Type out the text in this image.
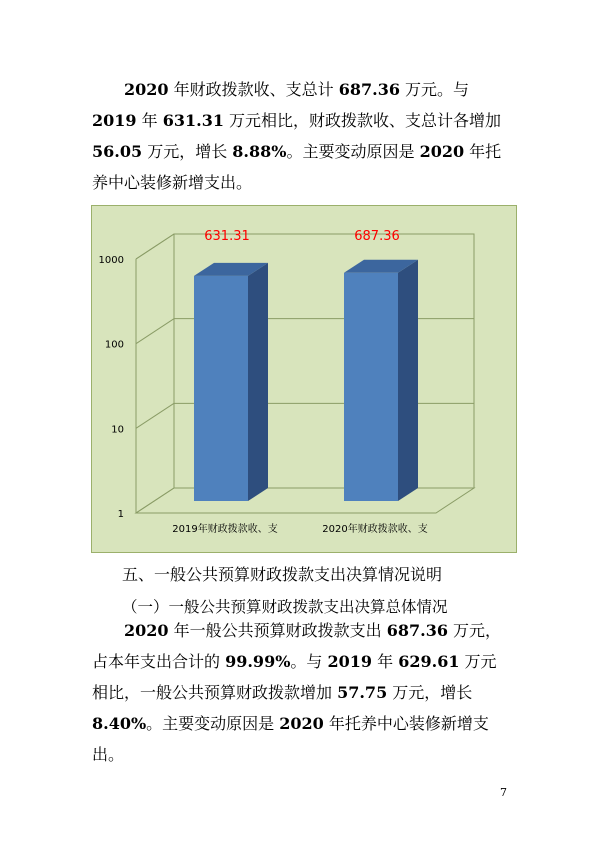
2020 年财政拨款收、支总计 687.36 万元。与 2019 年 631.31 万元相比，财政拨款收、支总计各增加 56.05 万元，增长 8.88%。主要变动原因是 2020 年托养中心装修新增支出。

1
10
100
1000
631.31
2019年财政拨款收、支
687.36
2020年财政拨款收、支
五、一般公共预算财政拨款支出决算情况说明
（一）一般公共预算财政拨款支出决算总体情况

2020 年一般公共预算财政拨款支出 687.36 万元，占本年支出合计的 99.99%。与 2019 年 629.61 万元相比，一般公共预算财政拨款增加 57.75 万元，增长 8.40%。主要变动原因是 2020 年托养中心装修新增支出。

7
